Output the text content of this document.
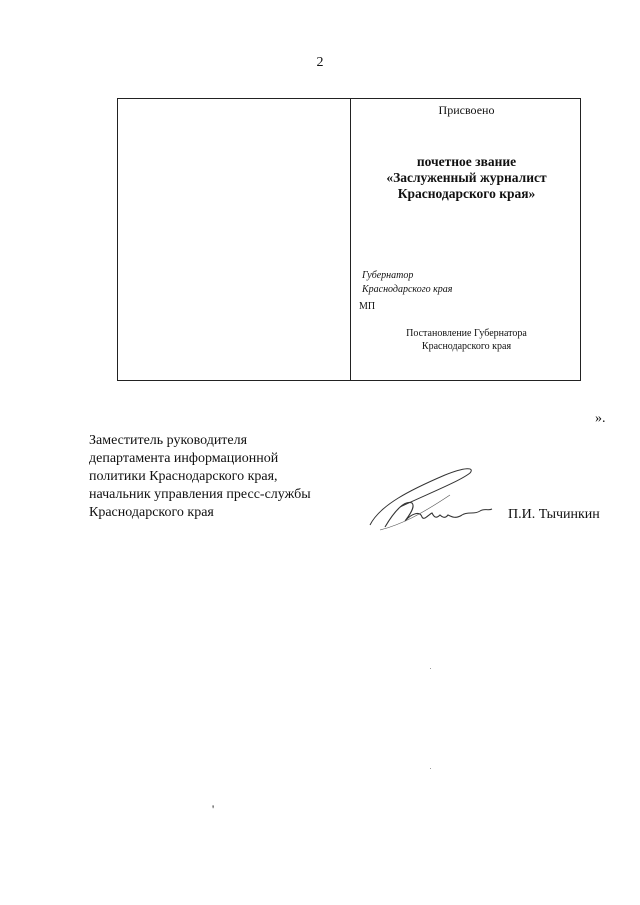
2
Присвоено
почетное звание
«Заслуженный журналист
Краснодарского края»
Губернатор
Краснодарского края
МП
Постановление Губернатора
Краснодарского края
».
Заместитель руководителя
департамента информационной
политики Краснодарского края,
начальник управления пресс-службы
Краснодарского края	П.И. Тычинкин
'
